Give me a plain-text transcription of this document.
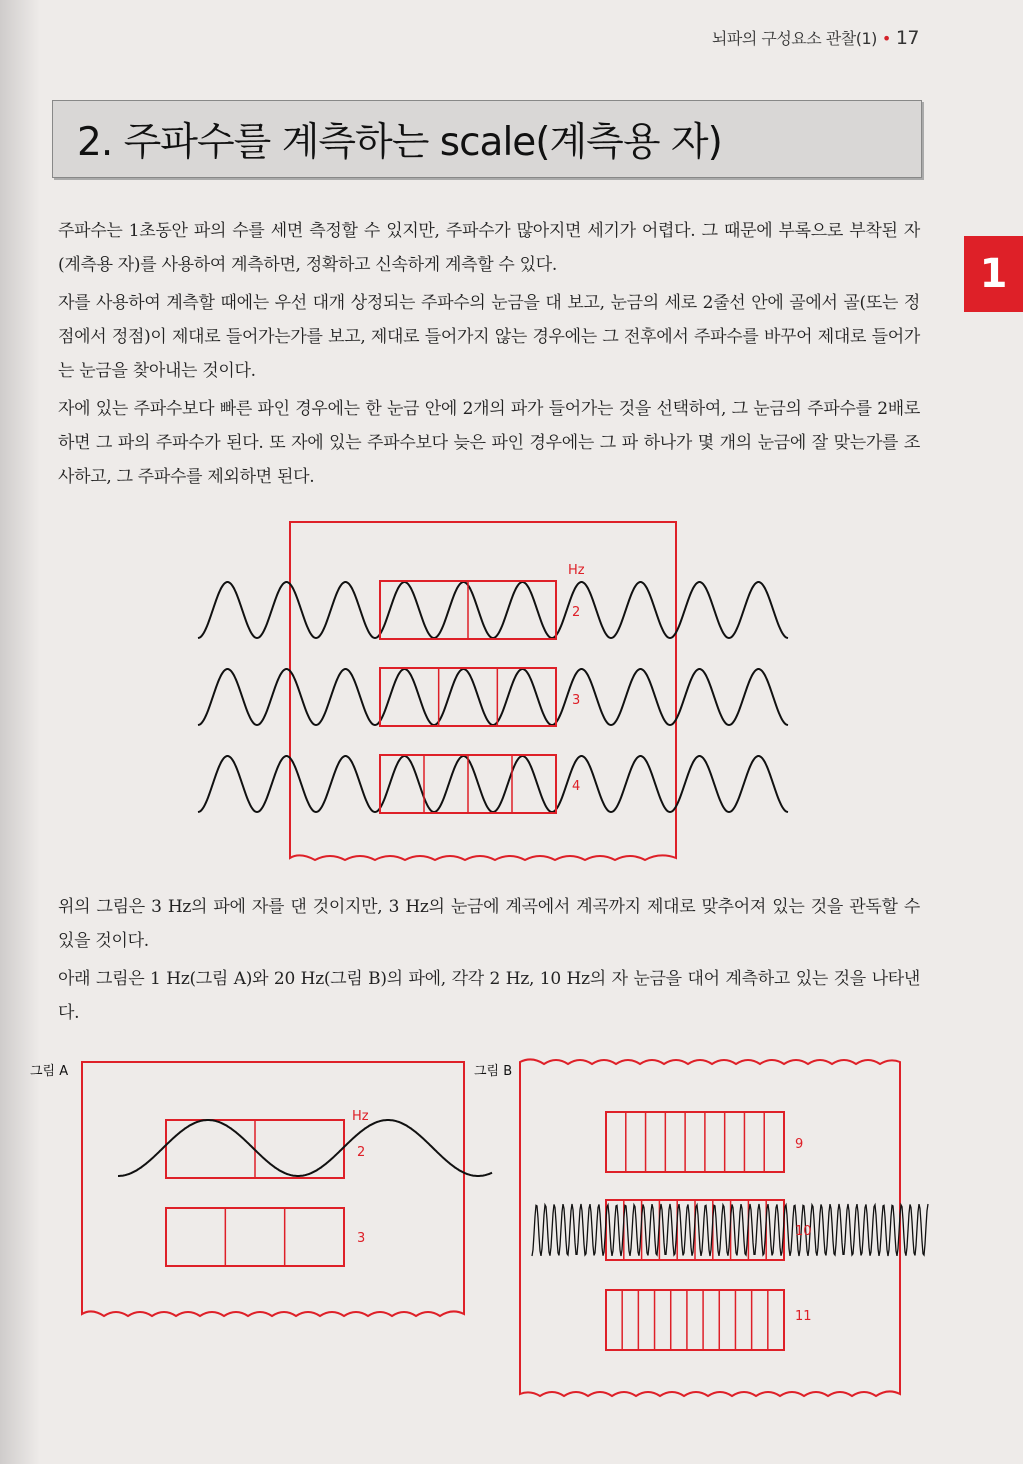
뇌파의 구성요소 관찰(1) • 17
1
2. 주파수를 계측하는 scale(계측용 자)

주파수는 1초동안 파의 수를 세면 측정할 수 있지만, 주파수가 많아지면 세기가 어렵다. 그 때문에 부록으로 부착된 자(계측용 자)를 사용하여 계측하면, 정확하고 신속하게 계측할 수 있다.

자를 사용하여 계측할 때에는 우선 대개 상정되는 주파수의 눈금을 대 보고, 눈금의 세로 2줄선 안에 골에서 골(또는 정점에서 정점)이 제대로 들어가는가를 보고, 제대로 들어가지 않는 경우에는 그 전후에서 주파수를 바꾸어 제대로 들어가는 눈금을 찾아내는 것이다.

자에 있는 주파수보다 빠른 파인 경우에는 한 눈금 안에 2개의 파가 들어가는 것을 선택하여, 그 눈금의 주파수를 2배로 하면 그 파의 주파수가 된다. 또 자에 있는 주파수보다 늦은 파인 경우에는 그 파 하나가 몇 개의 눈금에 잘 맞는가를 조사하고, 그 주파수를 제외하면 된다.

Hz
2
3
4

위의 그림은 3 Hz의 파에 자를 댄 것이지만, 3 Hz의 눈금에 계곡에서 계곡까지 제대로 맞추어져 있는 것을 관독할 수 있을 것이다.

아래 그림은 1 Hz(그림 A)와 20 Hz(그림 B)의 파에, 각각 2 Hz, 10 Hz의 자 눈금을 대어 계측하고 있는 것을 나타낸다.

그림 A
Hz
2
3
그림 B
9
10
11
